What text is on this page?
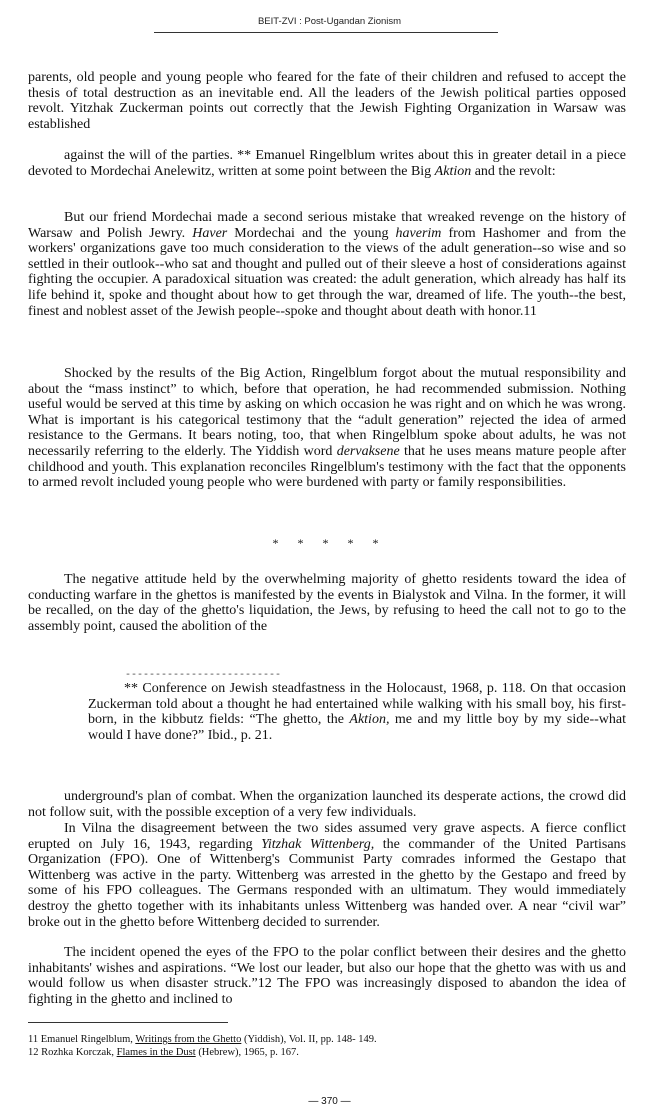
BEIT-ZVI : Post-Ugandan Zionism

parents, old people and young people who feared for the fate of their children and refused to accept the thesis of total destruction as an inevitable end. All the leaders of the Jewish political parties opposed revolt. Yitzhak Zuckerman points out correctly that the Jewish Fighting Organization in Warsaw was established

against the will of the parties. ** Emanuel Ringelblum writes about this in greater detail in a piece devoted to Mordechai Anelewitz, written at some point between the Big Aktion and the revolt:

But our friend Mordechai made a second serious mistake that wreaked revenge on the history of Warsaw and Polish Jewry. Haver Mordechai and the young haverim from Hashomer and from the workers' organizations gave too much consideration to the views of the adult generation--so wise and so settled in their outlook--who sat and thought and pulled out of their sleeve a host of considerations against fighting the occupier. A paradoxical situation was created: the adult generation, which already has half its life behind it, spoke and thought about how to get through the war, dreamed of life. The youth--the best, finest and noblest asset of the Jewish people--spoke and thought about death with honor.11

Shocked by the results of the Big Action, Ringelblum forgot about the mutual responsibility and about the “mass instinct” to which, before that operation, he had recommended submission. Nothing useful would be served at this time by asking on which occasion he was right and on which he was wrong. What is important is his categorical testimony that the “adult generation” rejected the idea of armed resistance to the Germans. It bears noting, too, that when Ringelblum spoke about adults, he was not necessarily referring to the elderly. The Yiddish word dervaksene that he uses means mature people after childhood and youth. This explanation reconciles Ringelblum's testimony with the fact that the opponents to armed revolt included young people who were burdened with party or family responsibilities.

* * * * *

The negative attitude held by the overwhelming majority of ghetto residents toward the idea of conducting warfare in the ghettos is manifested by the events in Bialystok and Vilna. In the former, it will be recalled, on the day of the ghetto's liquidation, the Jews, by refusing to heed the call not to go to the assembly point, caused the abolition of the

--------------------------

** Conference on Jewish steadfastness in the Holocaust, 1968, p. 118. On that occasion Zuckerman told about a thought he had entertained while walking with his small boy, his first-born, in the kibbutz fields: “The ghetto, the Aktion, me and my little boy by my side--what would I have done?” Ibid., p. 21.

underground's plan of combat. When the organization launched its desperate actions, the crowd did not follow suit, with the possible exception of a very few individuals.

In Vilna the disagreement between the two sides assumed very grave aspects. A fierce conflict erupted on July 16, 1943, regarding Yitzhak Wittenberg, the commander of the United Partisans Organization (FPO). One of Wittenberg's Communist Party comrades informed the Gestapo that Wittenberg was active in the party. Wittenberg was arrested in the ghetto by the Gestapo and freed by some of his FPO colleagues. The Germans responded with an ultimatum. They would immediately destroy the ghetto together with its inhabitants unless Wittenberg was handed over. A near “civil war” broke out in the ghetto before Wittenberg decided to surrender.

The incident opened the eyes of the FPO to the polar conflict between their desires and the ghetto inhabitants' wishes and aspirations. “We lost our leader, but also our hope that the ghetto was with us and would follow us when disaster struck.”12 The FPO was increasingly disposed to abandon the idea of fighting in the ghetto and inclined to

11 Emanuel Ringelblum, Writings from the Ghetto (Yiddish), Vol. II, pp. 148- 149.
12 Rozhka Korczak, Flames in the Dust (Hebrew), 1965, p. 167.
— 370 —
